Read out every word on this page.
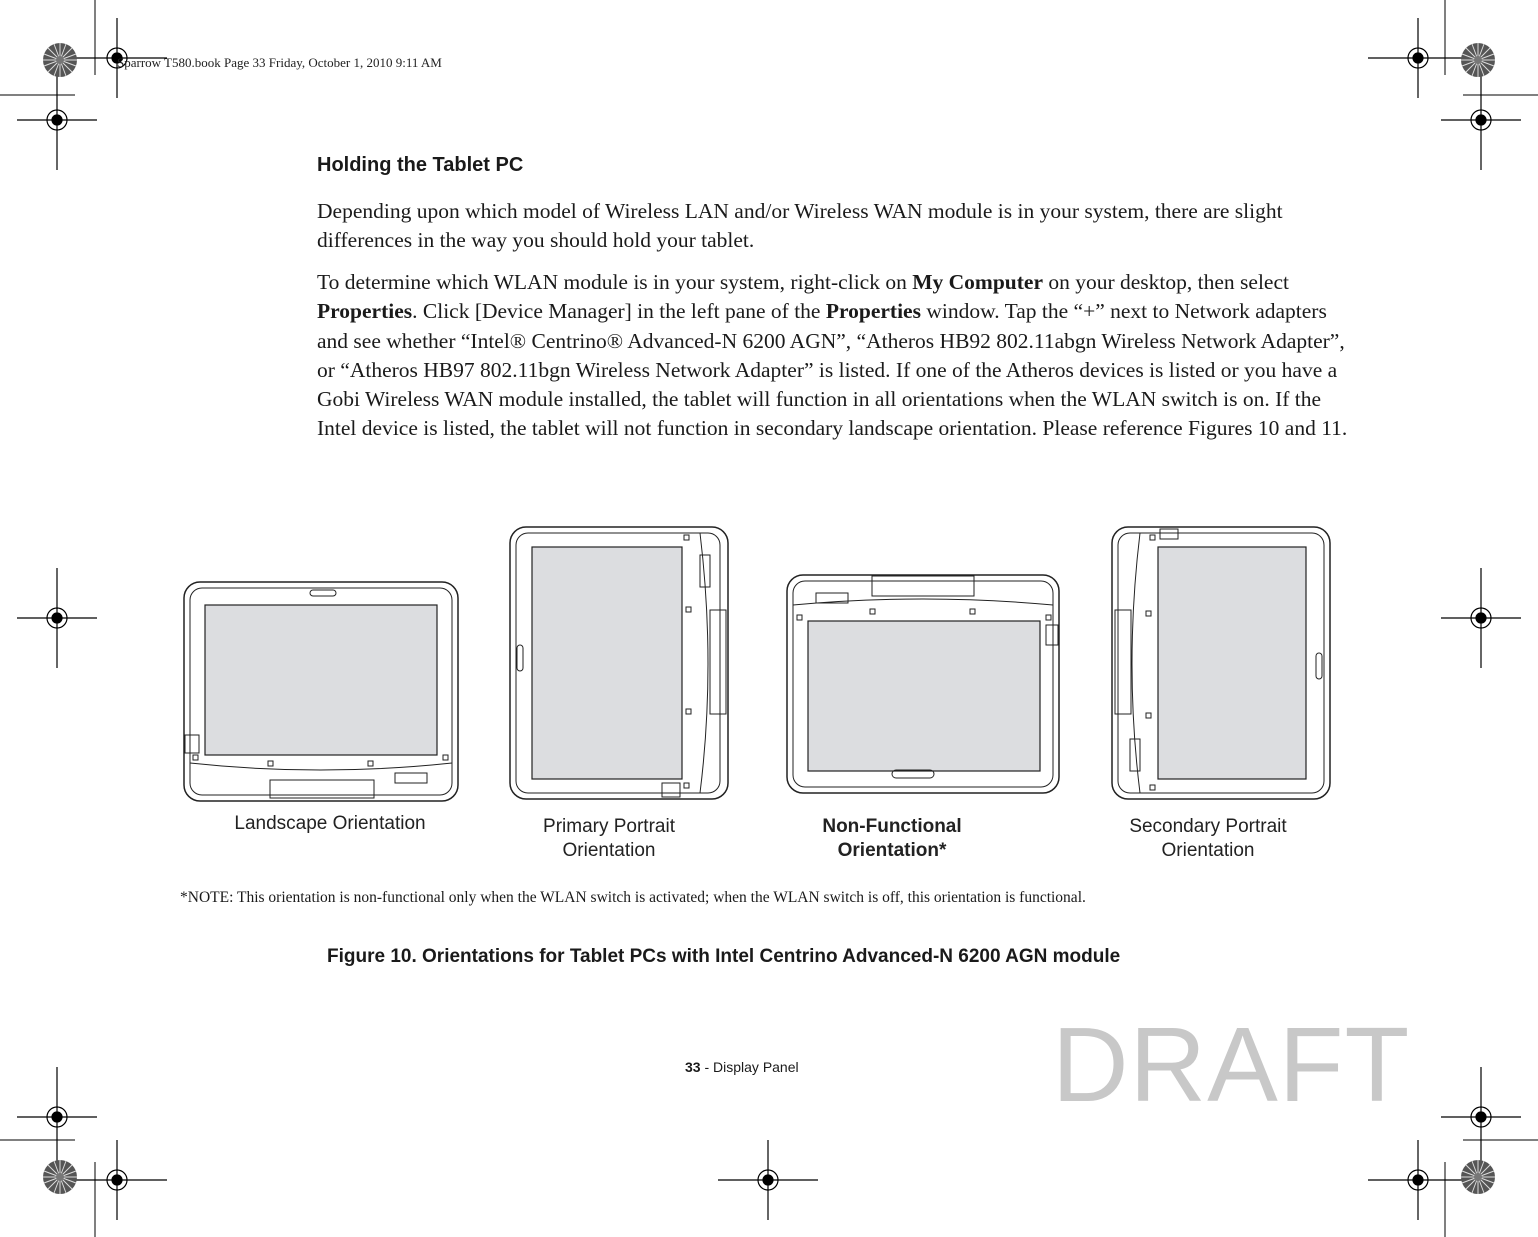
Sparrow T580.book Page 33 Friday, October 1, 2010 9:11 AM
Holding the Tablet PC

Depending upon which model of Wireless LAN and/or Wireless WAN module is in your system, there are slight differences in the way you should hold your tablet.

To determine which WLAN module is in your system, right-click on My Computer on your desktop, then select Properties. Click [Device Manager] in the left pane of the Properties window. Tap the “+” next to Network adapters and see whether “Intel® Centrino® Advanced-N 6200 AGN”, “Atheros HB92 802.11abgn Wireless Network Adapter”, or “Atheros HB97 802.11bgn Wireless Network Adapter” is listed. If one of the Atheros devices is listed or you have a Gobi Wireless WAN module installed, the tablet will function in all orientations when the WLAN switch is on. If the Intel device is listed, the tablet will not function in secondary landscape orientation. Please reference Figures 10 and 11.

Landscape Orientation	Primary Portrait
Orientation
Non-Functional
Orientation*
Secondary Portrait
Orientation
*NOTE: This orientation is non-functional only when the WLAN switch is activated; when the WLAN switch is off, this orientation is functional.
Figure 10. Orientations for Tablet PCs with Intel Centrino Advanced-N 6200 AGN module
33 - Display Panel DRAFT
